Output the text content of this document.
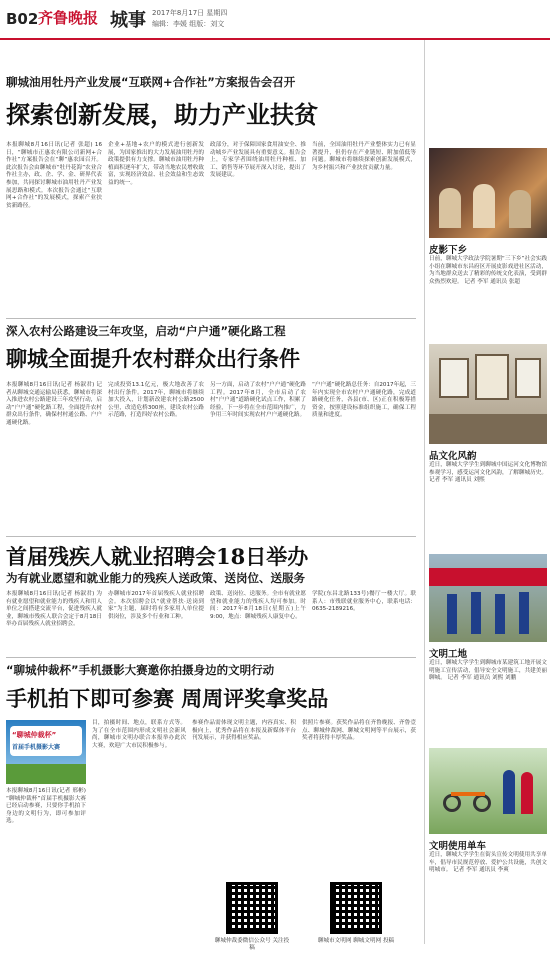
B02 齐鲁晚报 城事 2017年8月17日 星期四
编辑：李媛 组版：刘文
聊城油用牡丹产业发展“互联网+合作社”方案报告会召开
探索创新发展，助力产业扶贫
本报聊城8月16日讯(记者 张超) 16日，“聊城市正惠农有限公司新网+合作社”方案报告会在“聊”惠农园召开。此次报告会由聊城市“牡丹花海”农业合作社主办，政、企、学、金、研界代表参加，共同探讨聊城市油用牡丹产业发展思路和模式。本次报告会通过“互联网+合作社”的发展模式，探索产业扶贫新路径。
企业+基地+农户的模式进行创新发展，为国家推出的大力发展油用牡丹的政策提供有力支撑。聊城市油用牡丹种植面积逐年扩大，带动当地农民增收致富，实现经济效益、社会效益和生态效益的统一。
政部分，对于保障国家食用油安全、推动城乡产业发展具有重要意义。报告会上，专家学者围绕油用牡丹种植、加工、销售等环节展开深入讨论，提出了发展建议。
当前，全国油用牡丹产业整体实力已有显著提升，但仍存在产业链短、附加值低等问题。聊城市将继续探索创新发展模式，为乡村振兴和产业扶贫贡献力量。
深入农村公路建设三年攻坚，启动“户户通”硬化路工程
聊城全面提升农村群众出行条件
本报聊城8月16日讯(记者 杨淑君) 记者从聊城交通运输局获悉，聊城市将深入推进农村公路建设三年攻坚行动，启动“户户通”硬化路工程，全面提升农村群众出行条件，确保村村通公路、户户通硬化路。
完成投资13.1亿元，极大地改善了农村出行条件。2017年，聊城市将继续加大投入，计划新改建农村公路2500公里，改造危桥300座，建设农村公路示范路，打造四好农村公路。
另一方面，启动了农村“户户通”硬化路工程。2017年8月，全市启动了农村“户户通”道路硬化试点工作，积累了经验，下一步将在全市范围内推广，力争用三年时间实现农村户户通硬化路。
“户户通”硬化路总任务：自2017年起，三年内实现全市农村户户通硬化路，完成道路硬化任务，各县(市、区)正在积极筹措资金，按照建设标准组织施工，确保工程质量和进度。
首届残疾人就业招聘会18日举办
为有就业愿望和就业能力的残疾人送政策、送岗位、送服务
本报聊城8月16日讯(记者 杨淑君) 为有就业愿望和就业能力的残疾人和用人单位之间搭建交流平台，促进残疾人就业，聊城市残疾人联合会定于8月18日举办首届残疾人就业招聘会。
办聊城市2017年首届残疾人就业招聘会。本次招聘会以“就业帮扶·送岗到家”为主题，届时将有多家用人单位提供岗位，涉及多个行业和工种。
政策、送岗位、送服务。全市有就业愿望和就业能力的残疾人均可参加。时间：2017年8月18日(星期五)上午9:00，地点：聊城残疾人康复中心。
学院(东昌北路133号)餐厅一楼大厅。联系人：市残联就业服务中心，联系电话：0635-2189216。
“聊城仲裁杯”手机摄影大赛邀你拍摄身边的文明行动
手机拍下即可参赛 周周评奖拿奖品
“聊城仲裁杯”
首届手机摄影大赛
本报聊城8月16日讯(记者 邢彬) “聊城仲裁杯”首届手机摄影大赛已经启动参赛，只要你手机拍下身边的文明行为，即可参加评选。
目，拍摄时间、地点，联系方式等。为了在全市范围内形成文明社会新风尚，聊城市文明办联合本报举办此次大赛，欢迎广大市民积极参与。
参赛作品需体现文明主题，内容真实、积极向上，优秀作品将在本报及新媒体平台刊发展示，并获得相应奖品。
供照片参赛。获奖作品将在齐鲁晚报、齐鲁壹点、聊城仲裁网、聊城文明网等平台展示，获奖者将获得丰厚奖品。
聊城仲裁委微信公众号 关注投稿
聊城市文明网 聊城文明网 投稿
皮影下乡
日前，聊城大学政法学院暑期“三下乡”社会实践小组在聊城市东昌府区开展皮影戏进社区活动，为当地群众送去了精彩的传统文化表演，受到群众热烈欢迎。 记者 李军 通讯员 张超
品文化风韵
近日，聊城大学学生到聊城中国运河文化博物馆参观学习，感受运河文化风韵，了解聊城历史。 记者 李军 通讯员 刘熙
文明工地
近日，聊城大学学生到聊城市某建筑工地开展文明施工宣传活动，倡导安全文明施工，共建美丽聊城。 记者 李军 通讯员 刘熙 刘鹏
文明使用单车
近日，聊城大学学生在街头宣传文明使用共享单车，倡导市民规范停放、爱护公共设施，共创文明城市。 记者 李军 通讯员 李爽
